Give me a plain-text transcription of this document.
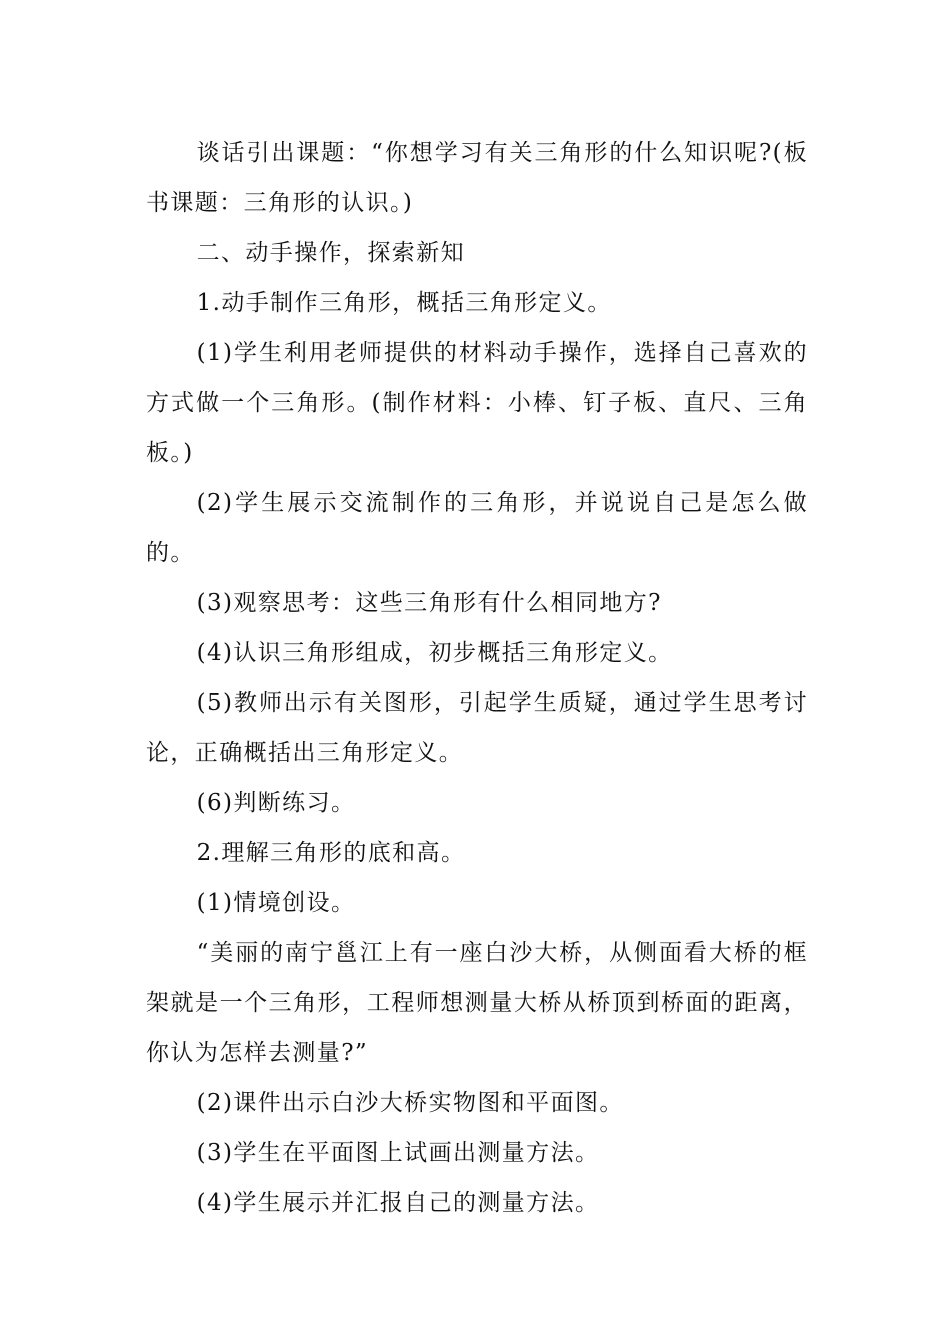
谈话引出课题：“你想学习有关三角形的什么知识呢?(板书课题：三角形的认识。)

二、动手操作，探索新知

1.动手制作三角形，概括三角形定义。

(1)学生利用老师提供的材料动手操作，选择自己喜欢的方式做一个三角形。(制作材料：小棒、钉子板、直尺、三角板。)

(2)学生展示交流制作的三角形，并说说自己是怎么做的。

(3)观察思考：这些三角形有什么相同地方?

(4)认识三角形组成，初步概括三角形定义。

(5)教师出示有关图形，引起学生质疑，通过学生思考讨论，正确概括出三角形定义。

(6)判断练习。

2.理解三角形的底和高。

(1)情境创设。

“美丽的南宁邕江上有一座白沙大桥，从侧面看大桥的框架就是一个三角形，工程师想测量大桥从桥顶到桥面的距离，你认为怎样去测量?”

(2)课件出示白沙大桥实物图和平面图。

(3)学生在平面图上试画出测量方法。

(4)学生展示并汇报自己的测量方法。
